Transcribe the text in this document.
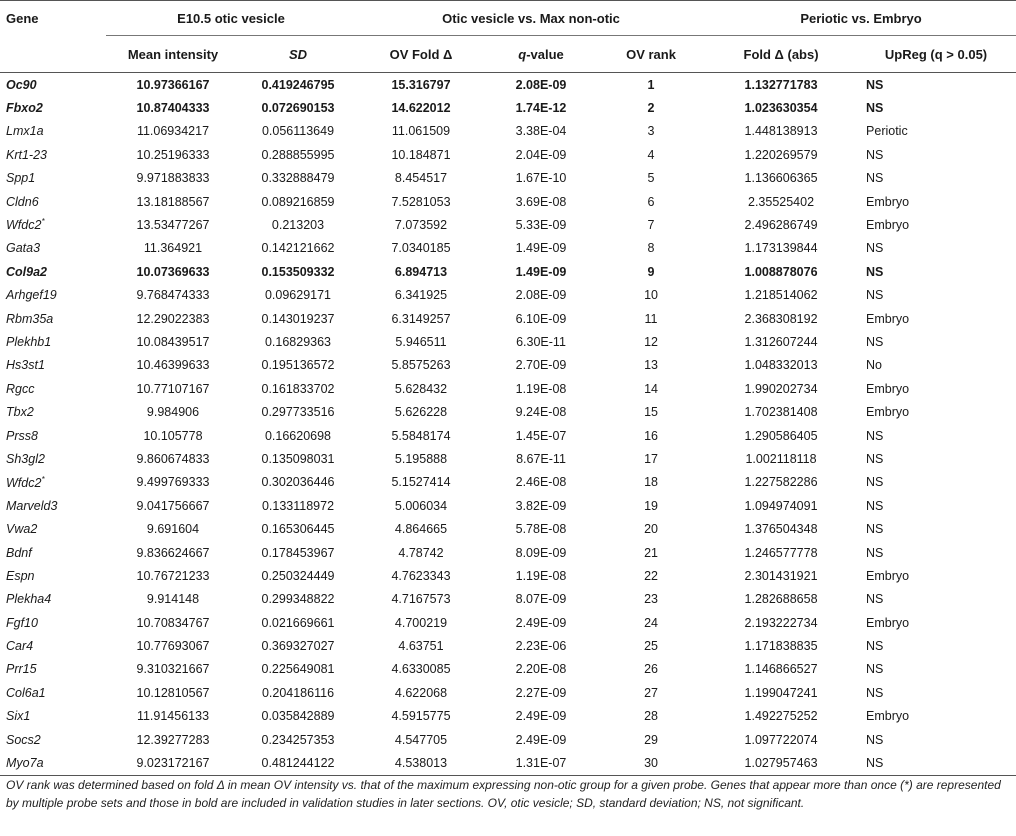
Gene	E10.5 otic vesicle		Otic vesicle vs. Max non-otic			Periotic vs. Embryo	

	Mean intensity	SD	OV Fold Δ	q-value	OV rank	Fold Δ (abs)	UpReg (q > 0.05)
Oc90	10.97366167	0.419246795	15.316797	2.08E-09	1	1.132771783	NS
Fbxo2	10.87404333	0.072690153	14.622012	1.74E-12	2	1.023630354	NS
Lmx1a	11.06934217	0.056113649	11.061509	3.38E-04	3	1.448138913	Periotic
Krt1-23	10.25196333	0.288855995	10.184871	2.04E-09	4	1.220269579	NS
Spp1	9.971883833	0.332888479	8.454517	1.67E-10	5	1.136606365	NS
Cldn6	13.18188567	0.089216859	7.5281053	3.69E-08	6	2.35525402	Embryo
Wfdc2*	13.53477267	0.213203	7.073592	5.33E-09	7	2.496286749	Embryo
Gata3	11.364921	0.142121662	7.0340185	1.49E-09	8	1.173139844	NS
Col9a2	10.07369633	0.153509332	6.894713	1.49E-09	9	1.008878076	NS
Arhgef19	9.768474333	0.09629171	6.341925	2.08E-09	10	1.218514062	NS
Rbm35a	12.29022383	0.143019237	6.3149257	6.10E-09	11	2.368308192	Embryo
Plekhb1	10.08439517	0.16829363	5.946511	6.30E-11	12	1.312607244	NS
Hs3st1	10.46399633	0.195136572	5.8575263	2.70E-09	13	1.048332013	No
Rgcc	10.77107167	0.161833702	5.628432	1.19E-08	14	1.990202734	Embryo
Tbx2	9.984906	0.297733516	5.626228	9.24E-08	15	1.702381408	Embryo
Prss8	10.105778	0.16620698	5.5848174	1.45E-07	16	1.290586405	NS
Sh3gl2	9.860674833	0.135098031	5.195888	8.67E-11	17	1.002118118	NS
Wfdc2*	9.499769333	0.302036446	5.1527414	2.46E-08	18	1.227582286	NS
Marveld3	9.041756667	0.133118972	5.006034	3.82E-09	19	1.094974091	NS
Vwa2	9.691604	0.165306445	4.864665	5.78E-08	20	1.376504348	NS
Bdnf	9.836624667	0.178453967	4.78742	8.09E-09	21	1.246577778	NS
Espn	10.76721233	0.250324449	4.7623343	1.19E-08	22	2.301431921	Embryo
Plekha4	9.914148	0.299348822	4.7167573	8.07E-09	23	1.282688658	NS
Fgf10	10.70834767	0.021669661	4.700219	2.49E-09	24	2.193222734	Embryo
Car4	10.77693067	0.369327027	4.63751	2.23E-06	25	1.171838835	NS
Prr15	9.310321667	0.225649081	4.6330085	2.20E-08	26	1.146866527	NS
Col6a1	10.12810567	0.204186116	4.622068	2.27E-09	27	1.199047241	NS
Six1	11.91456133	0.035842889	4.5915775	2.49E-09	28	1.492275252	Embryo
Socs2	12.39277283	0.234257353	4.547705	2.49E-09	29	1.097722074	NS
Myo7a	9.023172167	0.481244122	4.538013	1.31E-07	30	1.027957463	NS
OV rank was determined based on fold Δ in mean OV intensity vs. that of the maximum expressing non-otic group for a given probe. Genes that appear more than once (*) are represented by multiple probe sets and those in bold are included in validation studies in later sections. OV, otic vesicle; SD, standard deviation; NS, not significant.
